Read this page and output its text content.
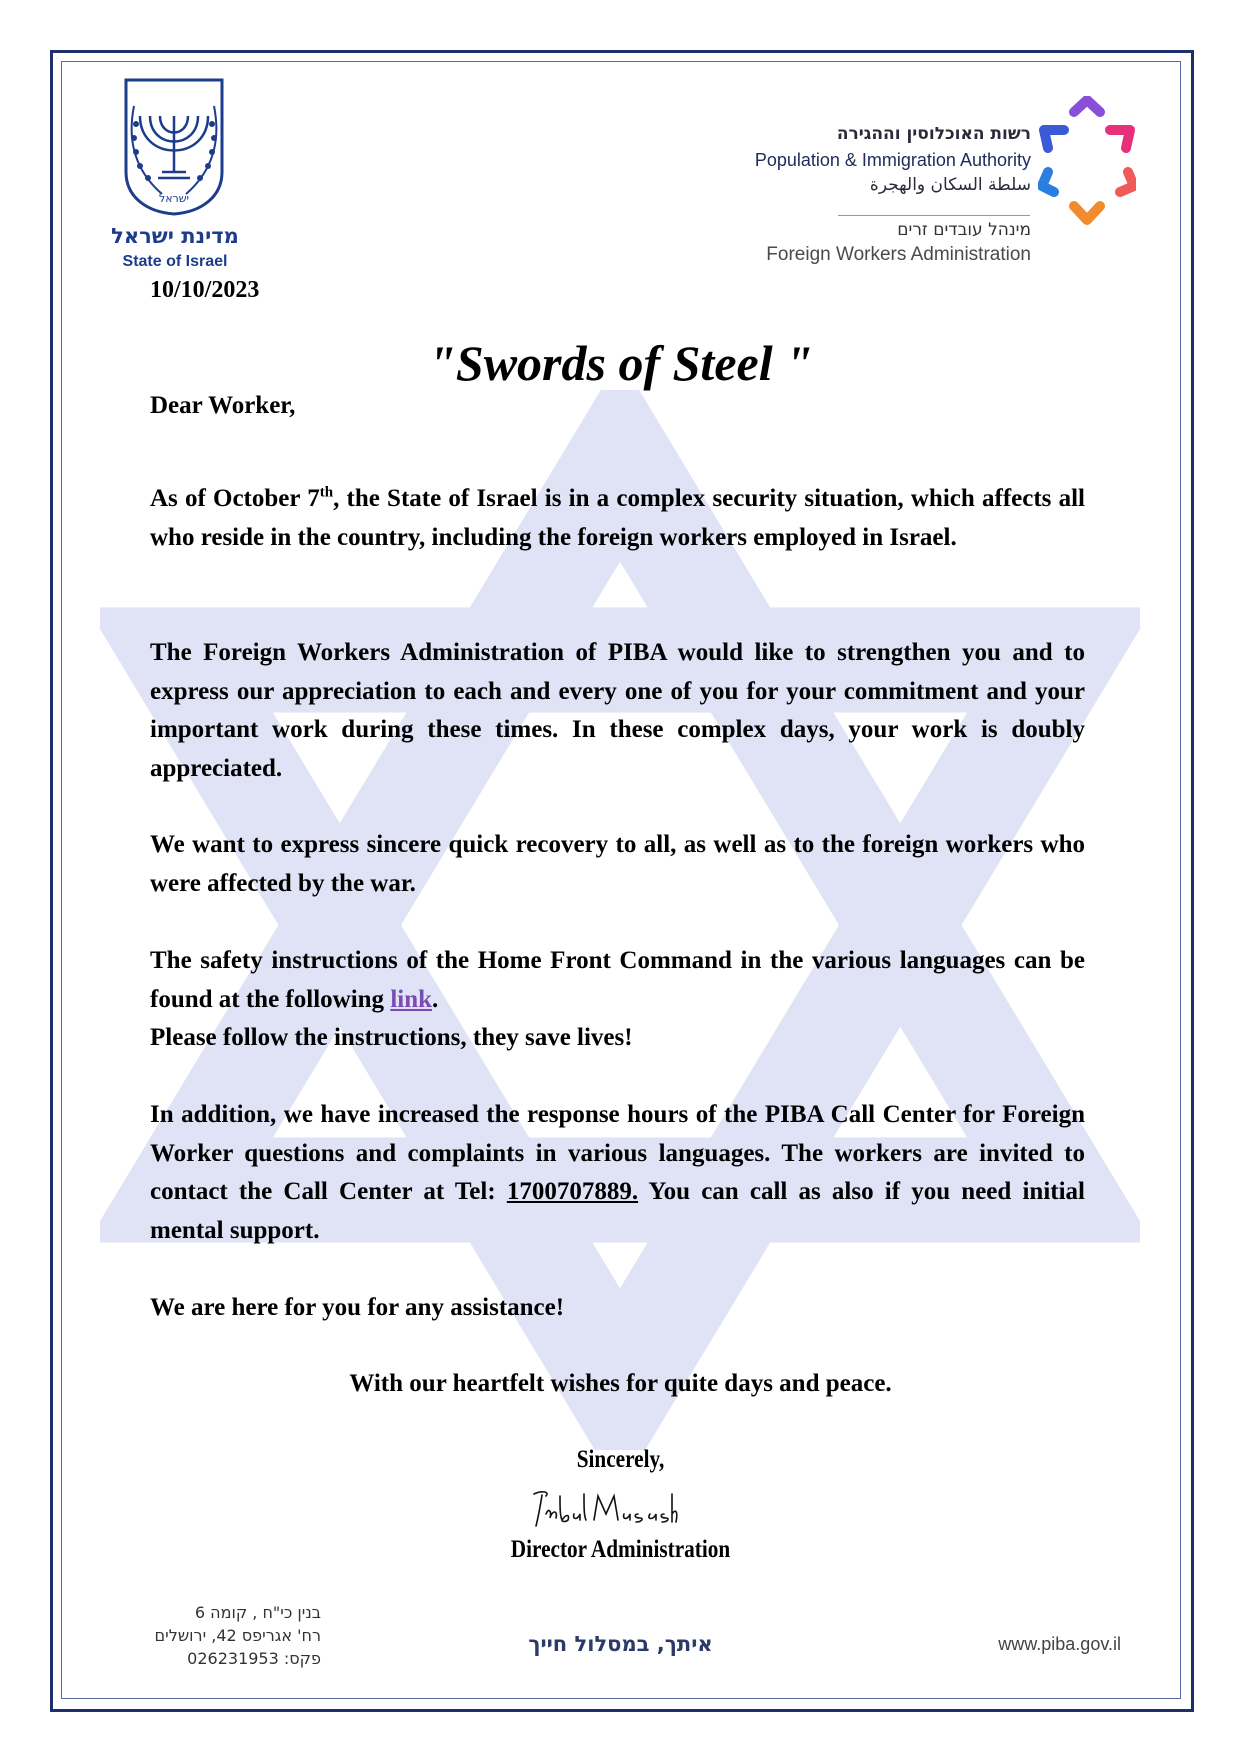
ישראל
מדינת ישראל
State of Israel
10/10/2023
רשות האוכלוסין וההגירה
Population & Immigration Authority
سلطة السكان والهجرة
מינהל עובדים זרים
Foreign Workers Administration
"Swords of Steel "
Dear Worker,

As of October 7th, the State of Israel is in a complex security situation, which affects all who reside in the country, including the foreign workers employed in Israel.

The Foreign Workers Administration of PIBA would like to strengthen you and to express our appreciation to each and every one of you for your commitment and your important work during these times. In these complex days, your work is doubly appreciated.

We want to express sincere quick recovery to all, as well as to the foreign workers who were affected by the war.

The safety instructions of the Home Front Command in the various languages can be found at the following link.
Please follow the instructions, they save lives!

In addition, we have increased the response hours of the PIBA Call Center for Foreign Worker questions and complaints in various languages. The workers are invited to contact the Call Center at Tel: 1700707889. You can call as also if you need initial mental support.

We are here for you for any assistance!

With our heartfelt wishes for quite days and peace.
Sincerely,
Director Administration
בנין כי"ח , קומה 6
רח' אגריפס 42, ירושלים
פקס: 026231953
איתך, במסלול חייך	www.piba.gov.il
